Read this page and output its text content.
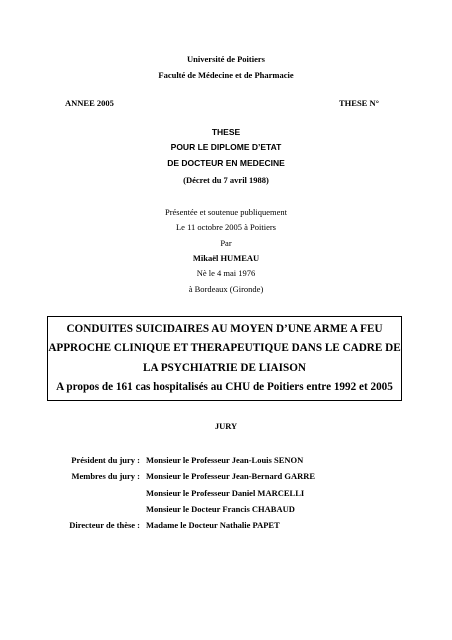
Université de Poitiers
Faculté de Médecine et de Pharmacie
ANNEE 2005	THESE N°
THESE
POUR LE DIPLOME D’ETAT
DE DOCTEUR EN MEDECINE
(Décret du 7 avril 1988)
Présentée et soutenue publiquement
Le 11 octobre 2005 à Poitiers
Par
Mikaël HUMEAU
Nè le 4 mai 1976
à Bordeaux (Gironde)
CONDUITES SUICIDAIRES AU MOYEN D’UNE ARME A FEU
APPROCHE CLINIQUE ET THERAPEUTIQUE DANS LE CADRE DE
LA PSYCHIATRIE DE LIAISON
A propos de 161 cas hospitalisés au CHU de Poitiers entre 1992 et 2005
JURY
Président du jury : Monsieur le Professeur Jean-Louis SENON
Membres du jury : Monsieur le Professeur Jean-Bernard GARRE
Monsieur le Professeur Daniel MARCELLI
Monsieur le Docteur Francis CHABAUD
Directeur de thèse : Madame le Docteur Nathalie PAPET
